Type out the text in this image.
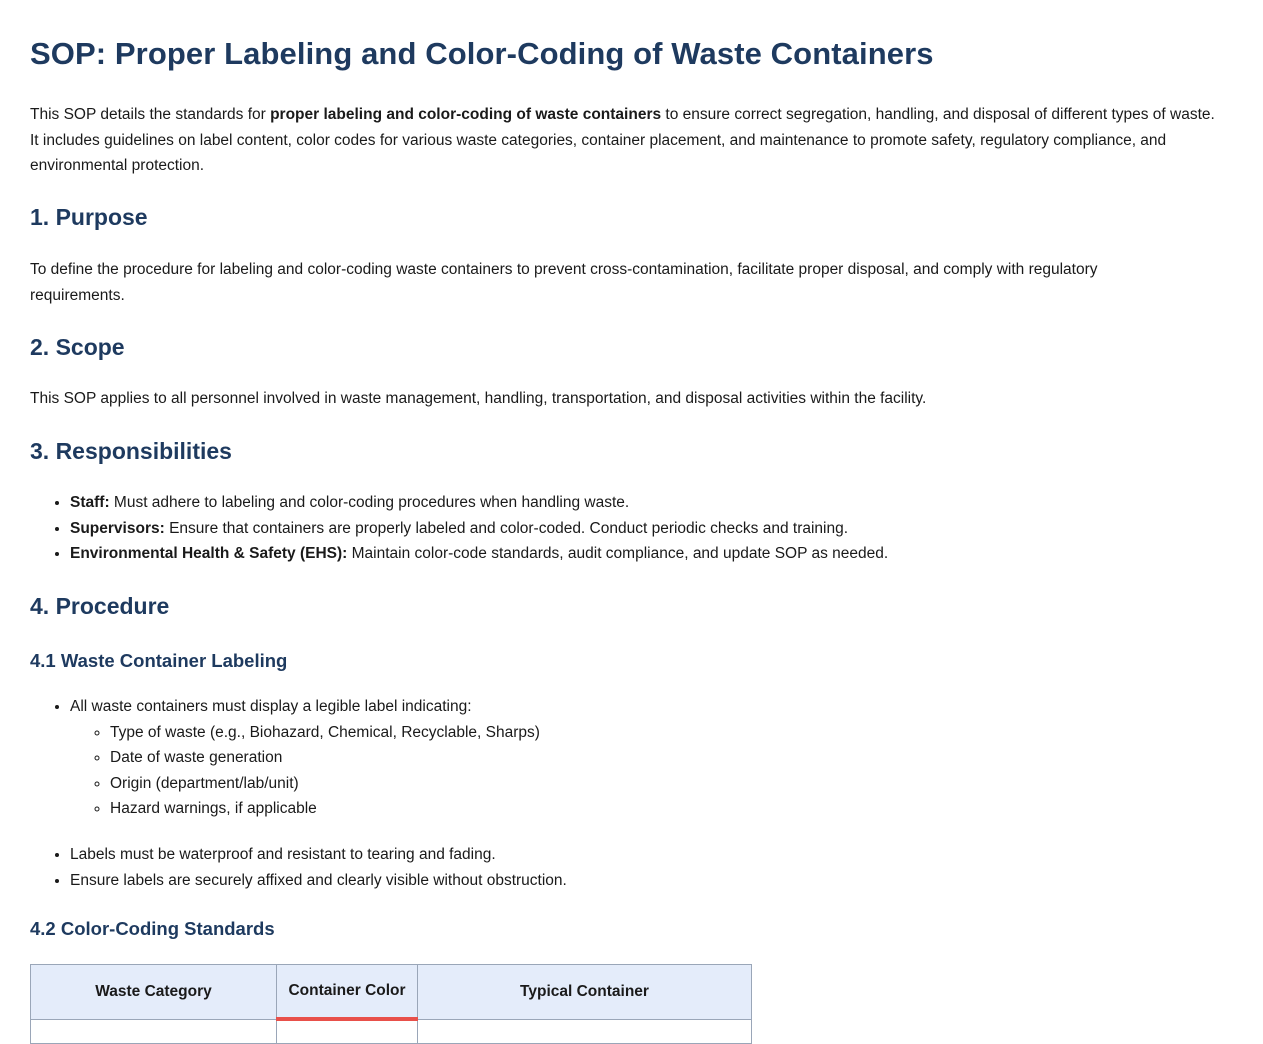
SOP: Proper Labeling and Color-Coding of Waste Containers

This SOP details the standards for proper labeling and color-coding of waste containers to ensure correct segregation, handling, and disposal of different types of waste. It includes guidelines on label content, color codes for various waste categories, container placement, and maintenance to promote safety, regulatory compliance, and environmental protection.

1. Purpose

To define the procedure for labeling and color-coding waste containers to prevent cross-contamination, facilitate proper disposal, and comply with regulatory requirements.

2. Scope

This SOP applies to all personnel involved in waste management, handling, transportation, and disposal activities within the facility.

3. Responsibilities
• Staff: Must adhere to labeling and color-coding procedures when handling waste.
• Supervisors: Ensure that containers are properly labeled and color-coded. Conduct periodic checks and training.
• Environmental Health & Safety (EHS): Maintain color-code standards, audit compliance, and update SOP as needed.
4. Procedure
4.1 Waste Container Labeling
• All waste containers must display a legible label indicating:
◦ Type of waste (e.g., Biohazard, Chemical, Recyclable, Sharps)
◦ Date of waste generation
◦ Origin (department/lab/unit)
◦ Hazard warnings, if applicable
• Labels must be waterproof and resistant to tearing and fading.
• Ensure labels are securely affixed and clearly visible without obstruction.
4.2 Color-Coding Standards
Waste Category	Container Color	Typical Container
